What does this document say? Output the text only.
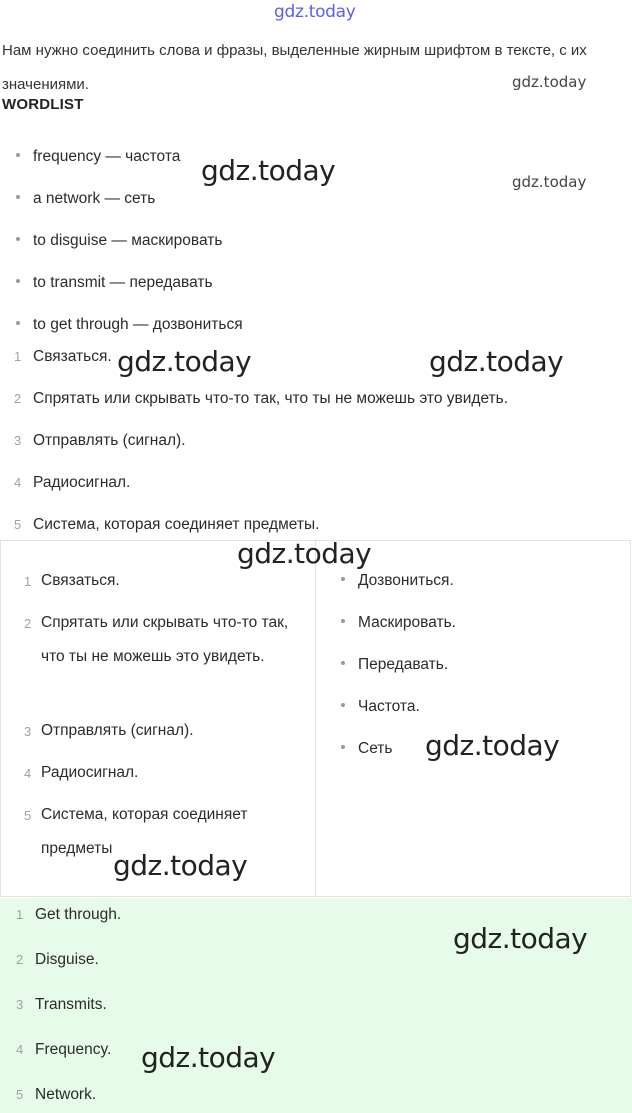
gdz.today
Нам нужно соединить слова и фразы, выделенные жирным шрифтом в тексте, с их значениями.	gdz.today
WORDLIST
frequency — частота
a network — сеть
to disguise — маскировать
to transmit — передавать
to get through — дозвониться
gdz.today	gdz.today
1 Связаться.
2 Спрятать или скрывать что-то так, что ты не можешь это увидеть.
3 Отправлять (сигнал).
4 Радиосигнал.
5 Система, которая соединяет предметы.
gdz.today	gdz.today
1 Связаться.
2 Спрятать или скрывать что-то так, что ты не можешь это увидеть.
3 Отправлять (сигнал).
4 Радиосигнал.
5 Система, которая соединяет предметы
Дозвониться.
Маскировать.
Передавать.
Частота.
Сеть
gdz.today
gdz.today
gdz.today
1 Get through.
2 Disguise.
3 Transmits.
4 Frequency.
5 Network.
gdz.today
gdz.today
